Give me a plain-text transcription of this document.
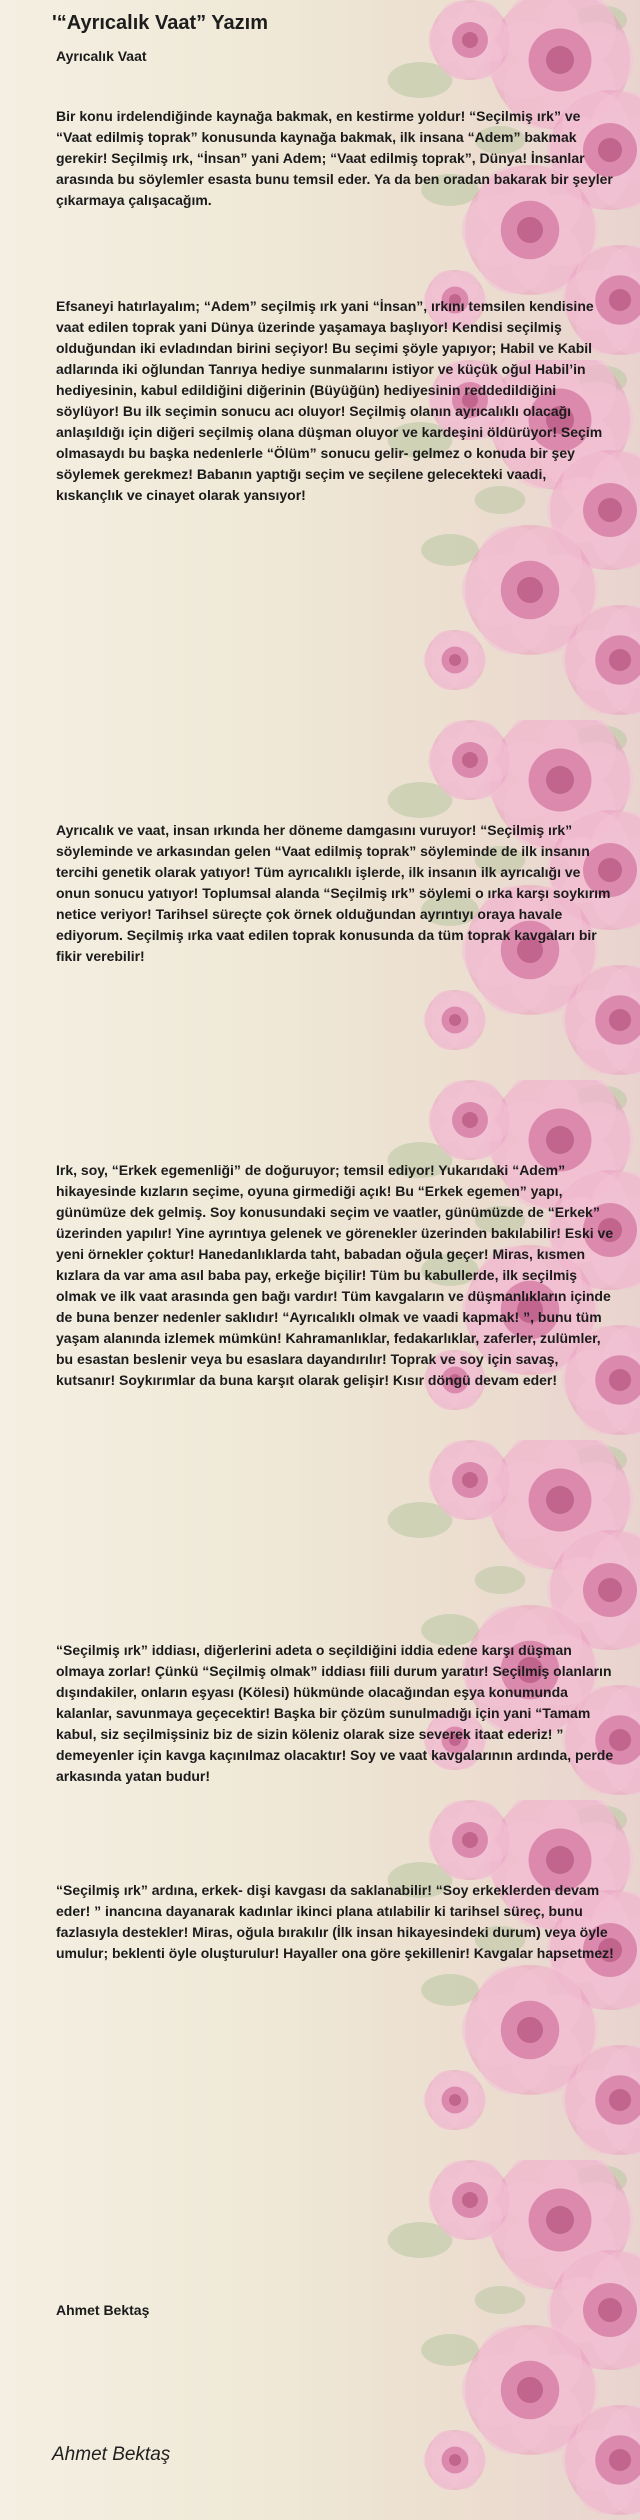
'“Ayrıcalık Vaat” Yazım
Ayrıcalık Vaat
Bir konu irdelendiğinde kaynağa bakmak, en kestirme yoldur! “Seçilmiş ırk” ve “Vaat edilmiş toprak” konusunda kaynağa bakmak, ilk insana “Adem” bakmak gerekir! Seçilmiş ırk, “İnsan” yani Adem; “Vaat edilmiş toprak”, Dünya! İnsanlar arasında bu söylemler esasta bunu temsil eder. Ya da ben oradan bakarak bir şeyler çıkarmaya çalışacağım.
Efsaneyi hatırlayalım; “Adem” seçilmiş ırk yani “İnsan”, ırkını temsilen kendisine vaat edilen toprak yani Dünya üzerinde yaşamaya başlıyor! Kendisi seçilmiş olduğundan iki evladından birini seçiyor! Bu seçimi şöyle yapıyor; Habil ve Kabil adlarında iki oğlundan Tanrıya hediye sunmalarını istiyor ve küçük oğul Habil’in hediyesinin, kabul edildiğini diğerinin (Büyüğün) hediyesinin reddedildiğini söylüyor! Bu ilk seçimin sonucu acı oluyor! Seçilmiş olanın ayrıcalıklı olacağı anlaşıldığı için diğeri seçilmiş olana düşman oluyor ve kardeşini öldürüyor! Seçim olmasaydı bu başka nedenlerle “Ölüm” sonucu gelir- gelmez o konuda bir şey söylemek gerekmez! Babanın yaptığı seçim ve seçilene gelecekteki vaadi, kıskançlık ve cinayet olarak yansıyor!
Ayrıcalık ve vaat, insan ırkında her döneme damgasını vuruyor! “Seçilmiş ırk” söyleminde ve arkasından gelen “Vaat edilmiş toprak” söyleminde de ilk insanın tercihi genetik olarak yatıyor! Tüm ayrıcalıklı işlerde, ilk insanın ilk ayrıcalığı ve onun sonucu yatıyor! Toplumsal alanda “Seçilmiş ırk” söylemi o ırka karşı soykırım netice veriyor! Tarihsel süreçte çok örnek olduğundan ayrıntıyı oraya havale ediyorum. Seçilmiş ırka vaat edilen toprak konusunda da tüm toprak kavgaları bir fikir verebilir!
Irk, soy, “Erkek egemenliği” de doğuruyor; temsil ediyor! Yukarıdaki “Adem” hikayesinde kızların seçime, oyuna girmediği açık! Bu “Erkek egemen” yapı, günümüze dek gelmiş. Soy konusundaki seçim ve vaatler, günümüzde de “Erkek” üzerinden yapılır! Yine ayrıntıya gelenek ve görenekler üzerinden bakılabilir! Eski ve yeni örnekler çoktur! Hanedanlıklarda taht, babadan oğula geçer! Miras, kısmen kızlara da var ama asıl baba pay, erkeğe biçilir! Tüm bu kabullerde, ilk seçilmiş olmak ve ilk vaat arasında gen bağı vardır! Tüm kavgaların ve düşmanlıkların içinde de buna benzer nedenler saklıdır! “Ayrıcalıklı olmak ve vaadi kapmak! ”, bunu tüm yaşam alanında izlemek mümkün! Kahramanlıklar, fedakarlıklar, zaferler, zulümler, bu esastan beslenir veya bu esaslara dayandırılır! Toprak ve soy için savaş, kutsanır! Soykırımlar da buna karşıt olarak gelişir! Kısır döngü devam eder!
“Seçilmiş ırk” iddiası, diğerlerini adeta o seçildiğini iddia edene karşı düşman olmaya zorlar! Çünkü “Seçilmiş olmak” iddiası fiili durum yaratır! Seçilmiş olanların dışındakiler, onların eşyası (Kölesi) hükmünde olacağından eşya konumunda kalanlar, savunmaya geçecektir! Başka bir çözüm sunulmadığı için yani “Tamam kabul, siz seçilmişsiniz biz de sizin köleniz olarak size severek itaat ederiz! ” demeyenler için kavga kaçınılmaz olacaktır! Soy ve vaat kavgalarının ardında, perde arkasında yatan budur!
“Seçilmiş ırk” ardına, erkek- dişi kavgası da saklanabilir! “Soy erkeklerden devam eder! ” inancına dayanarak kadınlar ikinci plana atılabilir ki tarihsel süreç, bunu fazlasıyla destekler! Miras, oğula bırakılır (İlk insan hikayesindeki durum) veya öyle umulur; beklenti öyle oluşturulur! Hayaller ona göre şekillenir! Kavgalar hapsetmez!
Ahmet Bektaş
Ahmet Bektaş
